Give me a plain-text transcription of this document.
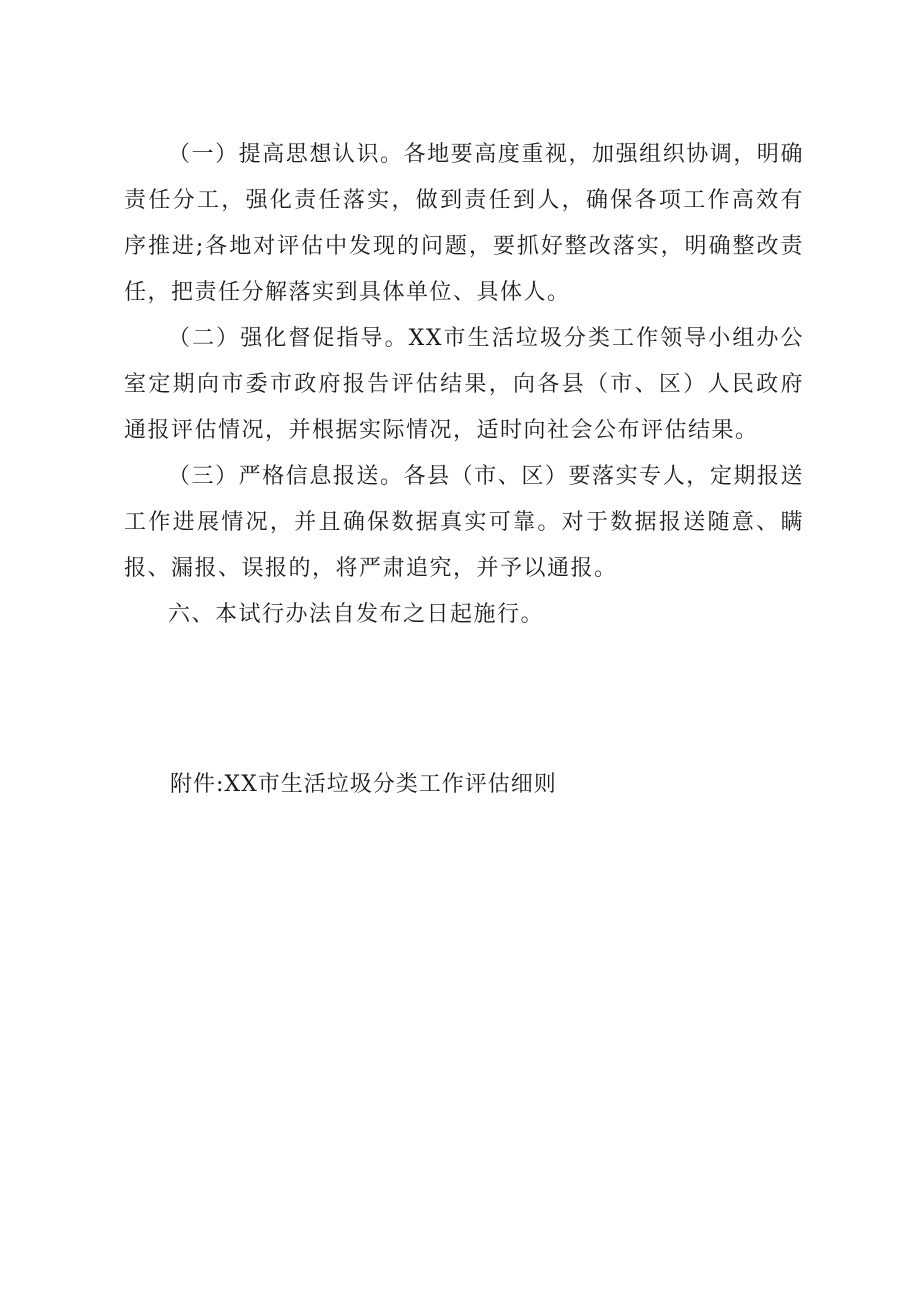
（一）提高思想认识。各地要高度重视，加强组织协调，明确责任分工，强化责任落实，做到责任到人，确保各项工作高效有序推进;各地对评估中发现的问题，要抓好整改落实，明确整改责任，把责任分解落实到具体单位、具体人。

（二）强化督促指导。XX市生活垃圾分类工作领导小组办公室定期向市委市政府报告评估结果，向各县（市、区）人民政府通报评估情况，并根据实际情况，适时向社会公布评估结果。

（三）严格信息报送。各县（市、区）要落实专人，定期报送工作进展情况，并且确保数据真实可靠。对于数据报送随意、瞒报、漏报、误报的，将严肃追究，并予以通报。

六、本试行办法自发布之日起施行。

附件:XX市生活垃圾分类工作评估细则
